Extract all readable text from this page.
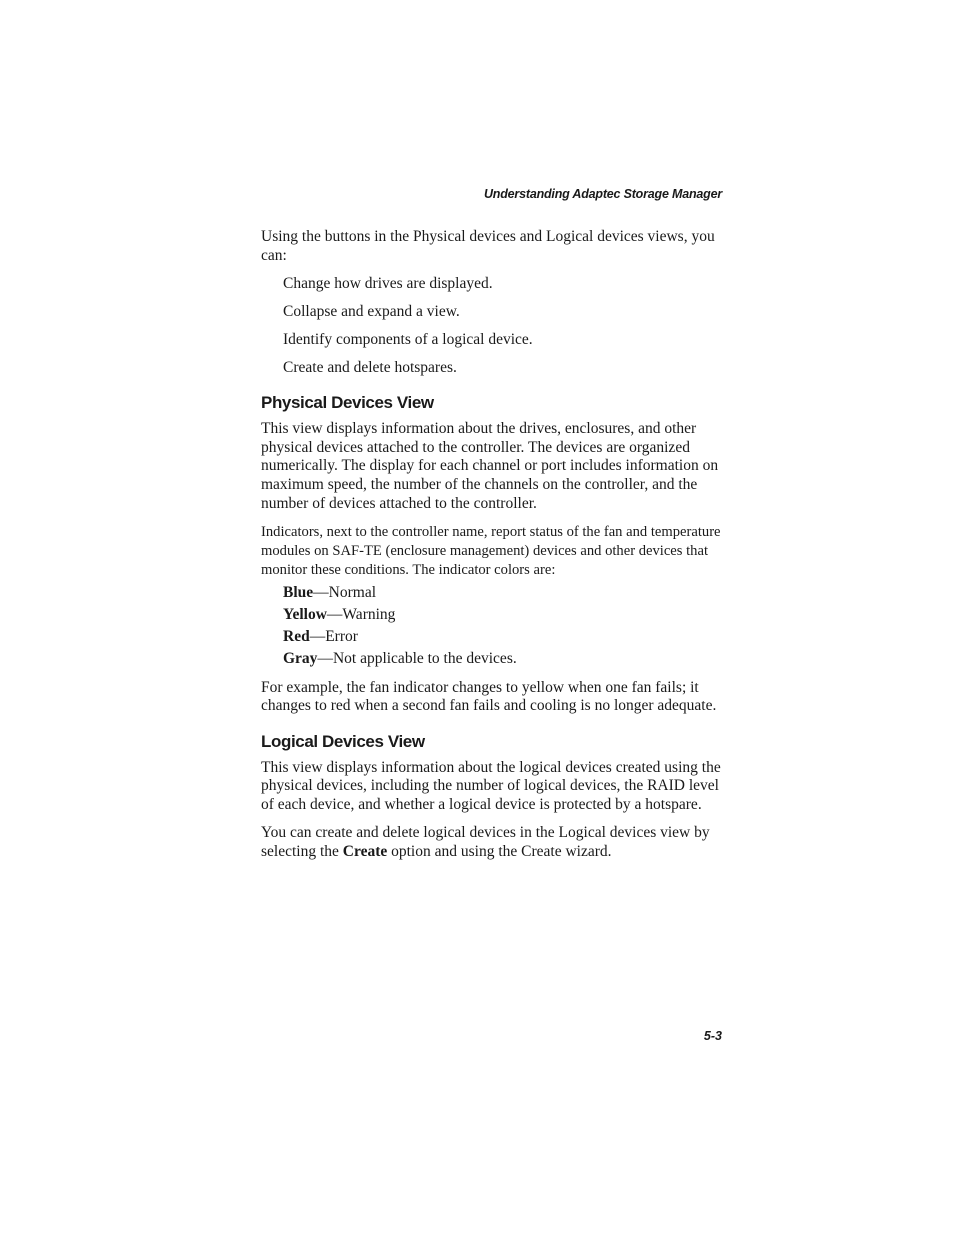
Understanding Adaptec Storage Manager

Using the buttons in the Physical devices and Logical devices views, you can:

Change how drives are displayed.
Collapse and expand a view.
Identify components of a logical device.
Create and delete hotspares.
Physical Devices View

This view displays information about the drives, enclosures, and other physical devices attached to the controller. The devices are organized numerically. The display for each channel or port includes information on maximum speed, the number of the channels on the controller, and the number of devices attached to the controller.

Indicators, next to the controller name, report status of the fan and temperature modules on SAF-TE (enclosure management) devices and other devices that monitor these conditions. The indicator colors are:

Blue—Normal
Yellow—Warning
Red—Error
Gray—Not applicable to the devices.

For example, the fan indicator changes to yellow when one fan fails; it changes to red when a second fan fails and cooling is no longer adequate.

Logical Devices View

This view displays information about the logical devices created using the physical devices, including the number of logical devices, the RAID level of each device, and whether a logical device is protected by a hotspare.

You can create and delete logical devices in the Logical devices view by selecting the Create option and using the Create wizard.

5-3
